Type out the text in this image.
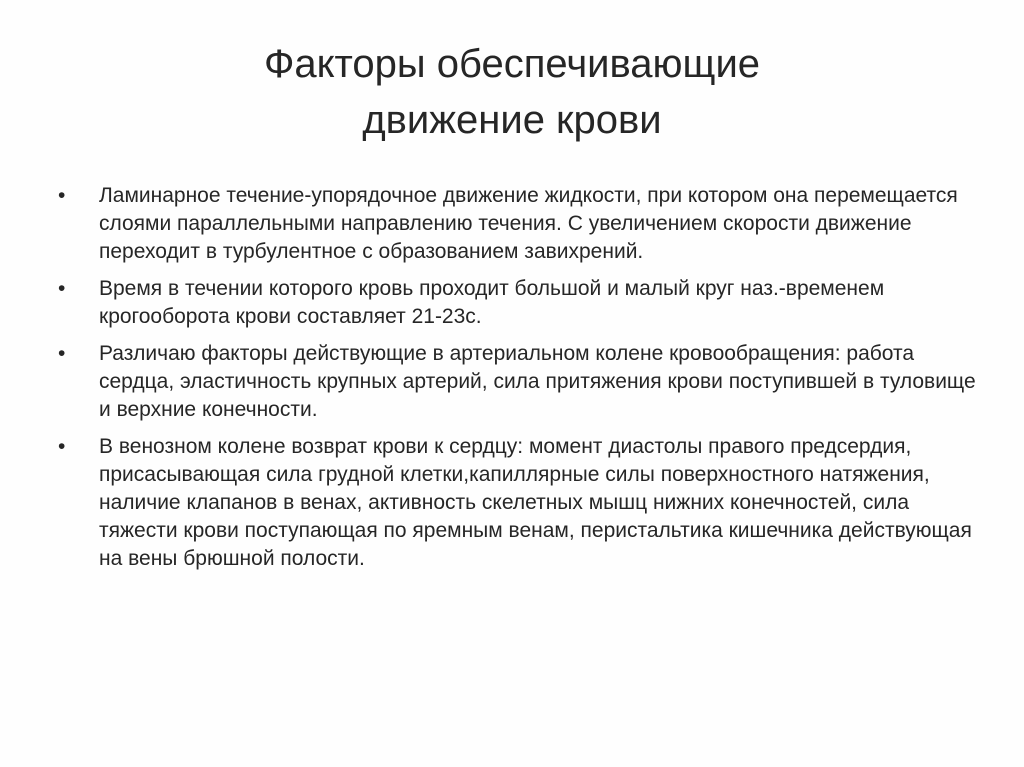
Факторы обеспечивающие
движение крови
• Ламинарное течение-упорядочное движение жидкости, при котором она перемещается слоями параллельными направлению течения. С увеличением скорости движение переходит в турбулентное с образованием завихрений.
• Время в течении которого кровь проходит большой и малый круг наз.-временем крогооборота крови составляет 21-23с.
• Различаю факторы действующие в артериальном колене кровообращения: работа сердца, эластичность крупных артерий, сила притяжения крови поступившей в туловище и верхние конечности.
• В венозном колене возврат крови к сердцу: момент диастолы правого предсердия, присасывающая сила грудной клетки,капиллярные силы поверхностного натяжения, наличие клапанов в венах, активность скелетных мышц нижних конечностей, сила тяжести крови поступающая по яремным венам, перистальтика кишечника действующая на вены брюшной полости.
